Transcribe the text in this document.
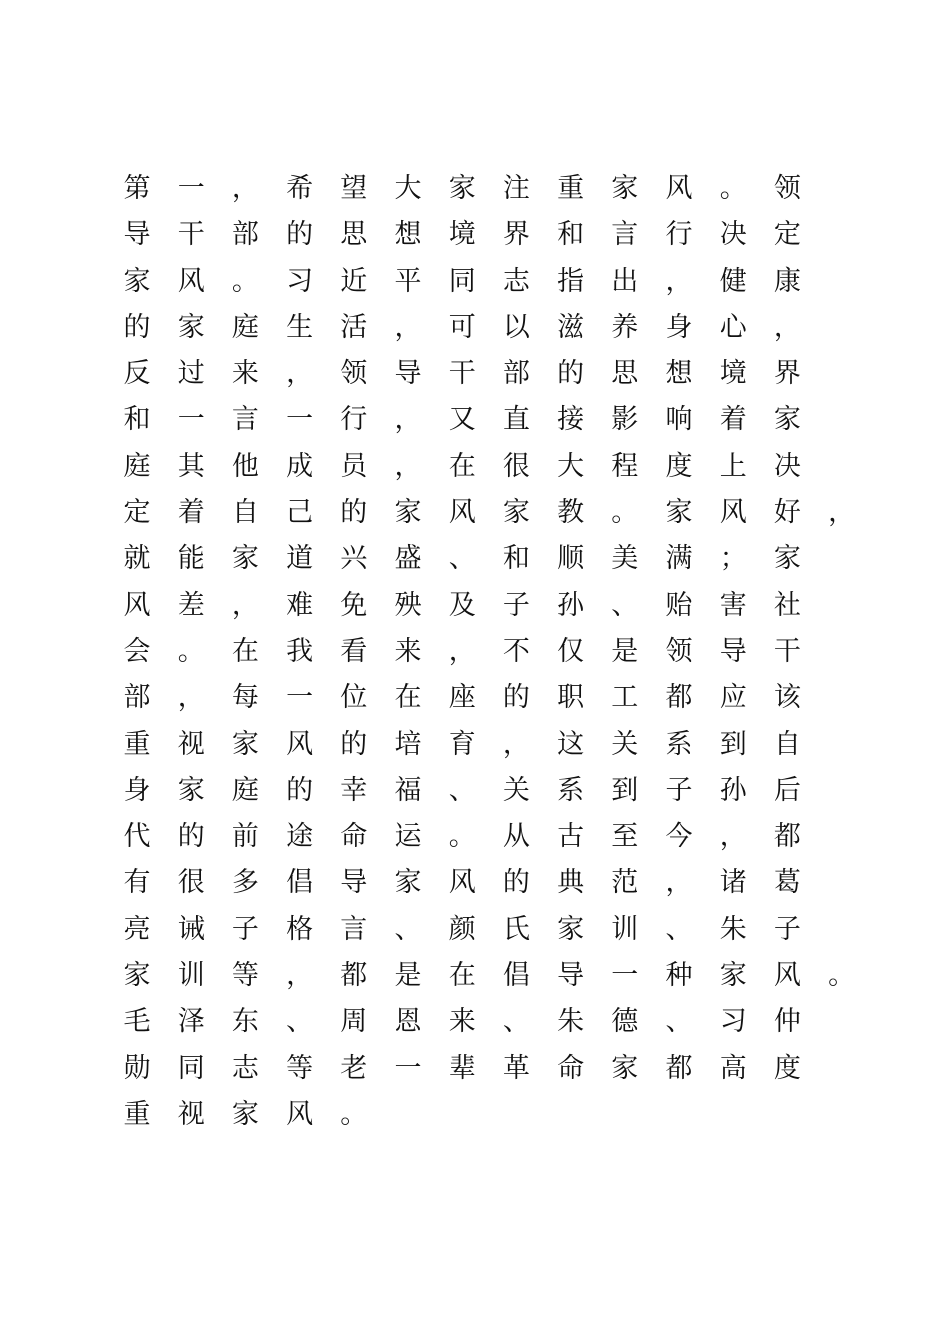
第 一 ， 希 望 大 家 注 重 家 风 。 领
导 干 部 的 思 想 境 界 和 言 行 决 定
家 风 。 习 近 平 同 志 指 出 ， 健 康
的 家 庭 生 活 ， 可 以 滋 养 身 心 ，
反 过 来 ， 领 导 干 部 的 思 想 境 界
和 一 言 一 行 ， 又 直 接 影 响 着 家
庭 其 他 成 员 ， 在 很 大 程 度 上 决
定 着 自 己 的 家 风 家 教 。 家 风 好 ，
就 能 家 道 兴 盛 、 和 顺 美 满 ； 家
风 差 ， 难 免 殃 及 子 孙 、 贻 害 社
会 。 在 我 看 来 ， 不 仅 是 领 导 干
部 ， 每 一 位 在 座 的 职 工 都 应 该
重 视 家 风 的 培 育 ， 这 关 系 到 自
身 家 庭 的 幸 福 、 关 系 到 子 孙 后
代 的 前 途 命 运 。 从 古 至 今 ， 都
有 很 多 倡 导 家 风 的 典 范 ， 诸 葛
亮 诫 子 格 言 、 颜 氏 家 训 、 朱 子
家 训 等 ， 都 是 在 倡 导 一 种 家 风 。
毛 泽 东 、 周 恩 来 、 朱 德 、 习 仲
勋 同 志 等 老 一 辈 革 命 家 都 高 度
重 视 家 风 。
